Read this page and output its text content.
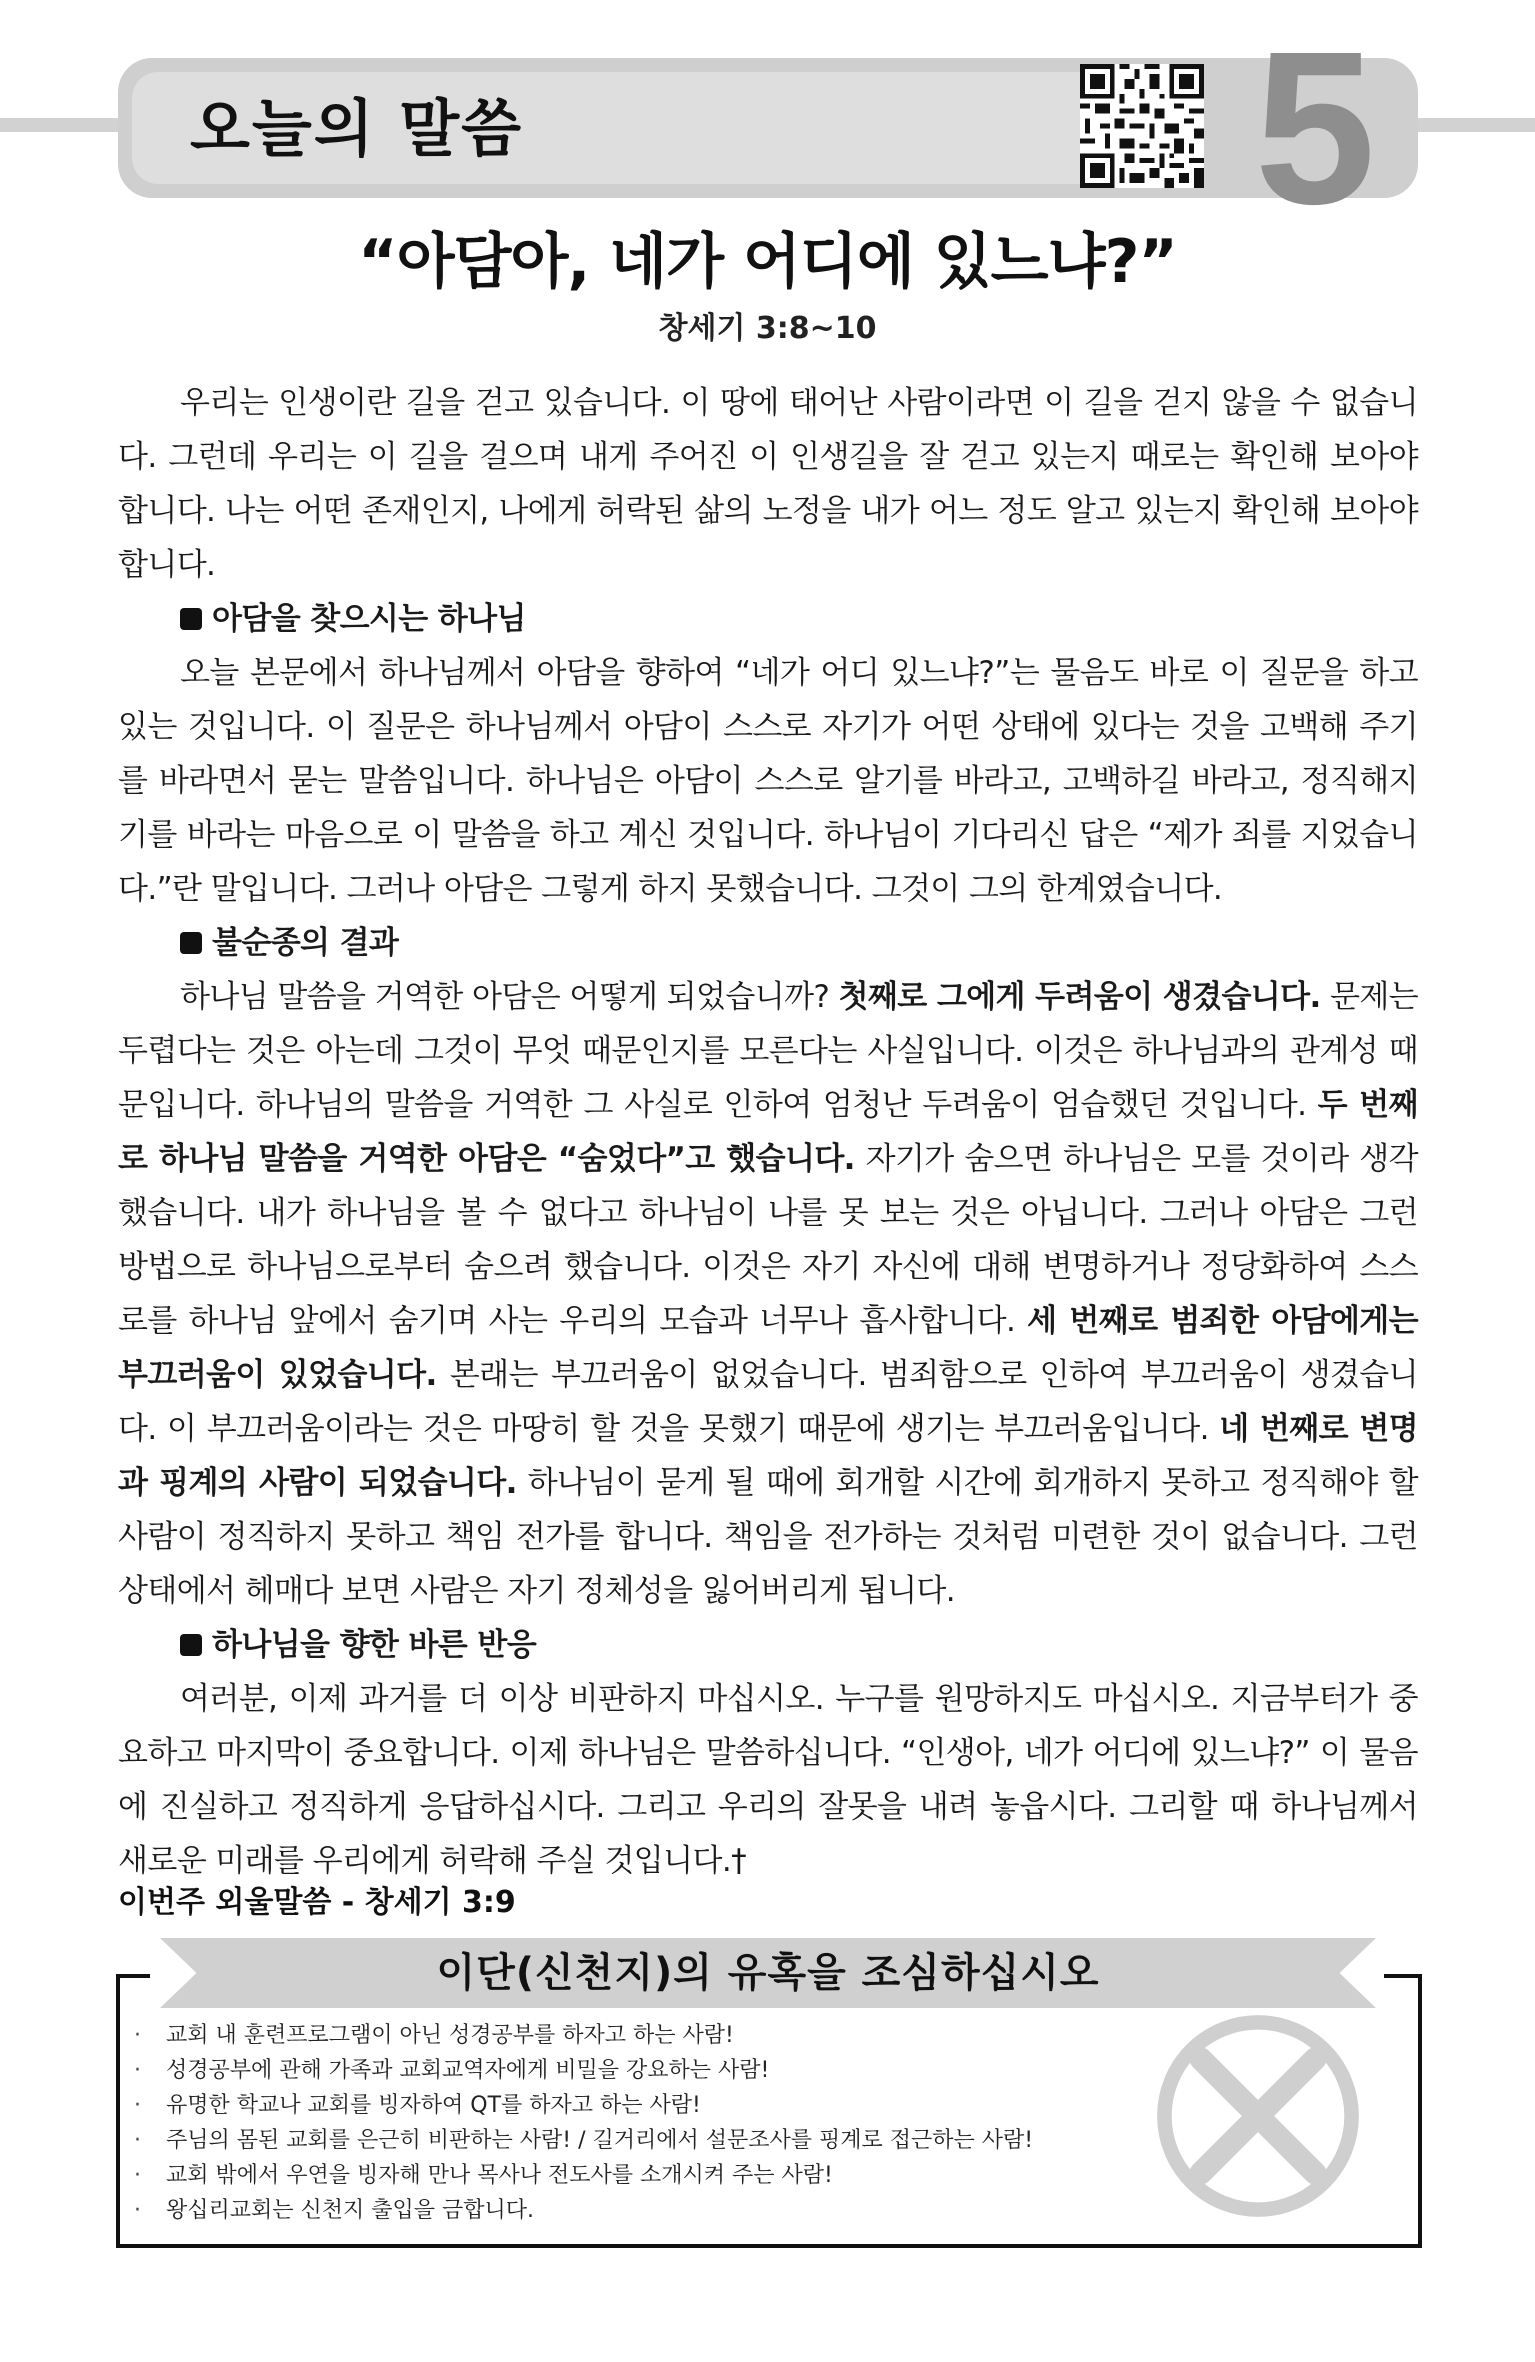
오늘의 말씀	5
“아담아, 네가 어디에 있느냐?”
창세기 3:8~10

우리는 인생이란 길을 걷고 있습니다. 이 땅에 태어난 사람이라면 이 길을 걷지 않을 수 없습니다. 그런데 우리는 이 길을 걸으며 내게 주어진 이 인생길을 잘 걷고 있는지 때로는 확인해 보아야 합니다. 나는 어떤 존재인지, 나에게 허락된 삶의 노정을 내가 어느 정도 알고 있는지 확인해 보아야 합니다.

아담을 찾으시는 하나님

오늘 본문에서 하나님께서 아담을 향하여 “네가 어디 있느냐?”는 물음도 바로 이 질문을 하고 있는 것입니다. 이 질문은 하나님께서 아담이 스스로 자기가 어떤 상태에 있다는 것을 고백해 주기를 바라면서 묻는 말씀입니다. 하나님은 아담이 스스로 알기를 바라고, 고백하길 바라고, 정직해지기를 바라는 마음으로 이 말씀을 하고 계신 것입니다. 하나님이 기다리신 답은 “제가 죄를 지었습니다.”란 말입니다. 그러나 아담은 그렇게 하지 못했습니다. 그것이 그의 한계였습니다.

불순종의 결과

하나님 말씀을 거역한 아담은 어떻게 되었습니까? 첫째로 그에게 두려움이 생겼습니다. 문제는 두렵다는 것은 아는데 그것이 무엇 때문인지를 모른다는 사실입니다. 이것은 하나님과의 관계성 때문입니다. 하나님의 말씀을 거역한 그 사실로 인하여 엄청난 두려움이 엄습했던 것입니다. 두 번째로 하나님 말씀을 거역한 아담은 “숨었다”고 했습니다. 자기가 숨으면 하나님은 모를 것이라 생각했습니다. 내가 하나님을 볼 수 없다고 하나님이 나를 못 보는 것은 아닙니다. 그러나 아담은 그런 방법으로 하나님으로부터 숨으려 했습니다. 이것은 자기 자신에 대해 변명하거나 정당화하여 스스로를 하나님 앞에서 숨기며 사는 우리의 모습과 너무나 흡사합니다. 세 번째로 범죄한 아담에게는 부끄러움이 있었습니다. 본래는 부끄러움이 없었습니다. 범죄함으로 인하여 부끄러움이 생겼습니다. 이 부끄러움이라는 것은 마땅히 할 것을 못했기 때문에 생기는 부끄러움입니다. 네 번째로 변명과 핑계의 사람이 되었습니다. 하나님이 묻게 될 때에 회개할 시간에 회개하지 못하고 정직해야 할 사람이 정직하지 못하고 책임 전가를 합니다. 책임을 전가하는 것처럼 미련한 것이 없습니다. 그런 상태에서 헤매다 보면 사람은 자기 정체성을 잃어버리게 됩니다.

하나님을 향한 바른 반응

여러분, 이제 과거를 더 이상 비판하지 마십시오. 누구를 원망하지도 마십시오. 지금부터가 중요하고 마지막이 중요합니다. 이제 하나님은 말씀하십니다. “인생아, 네가 어디에 있느냐?” 이 물음에 진실하고 정직하게 응답하십시다. 그리고 우리의 잘못을 내려 놓읍시다. 그리할 때 하나님께서 새로운 미래를 우리에게 허락해 주실 것입니다.†

이번주 외울말씀 - 창세기 3:9
이단(신천지)의 유혹을 조심하십시오
· 교회 내 훈련프로그램이 아닌 성경공부를 하자고 하는 사람!
· 성경공부에 관해 가족과 교회교역자에게 비밀을 강요하는 사람!
· 유명한 학교나 교회를 빙자하여 QT를 하자고 하는 사람!
· 주님의 몸된 교회를 은근히 비판하는 사람! / 길거리에서 설문조사를 핑계로 접근하는 사람!
· 교회 밖에서 우연을 빙자해 만나 목사나 전도사를 소개시켜 주는 사람!
· 왕십리교회는 신천지 출입을 금합니다.
